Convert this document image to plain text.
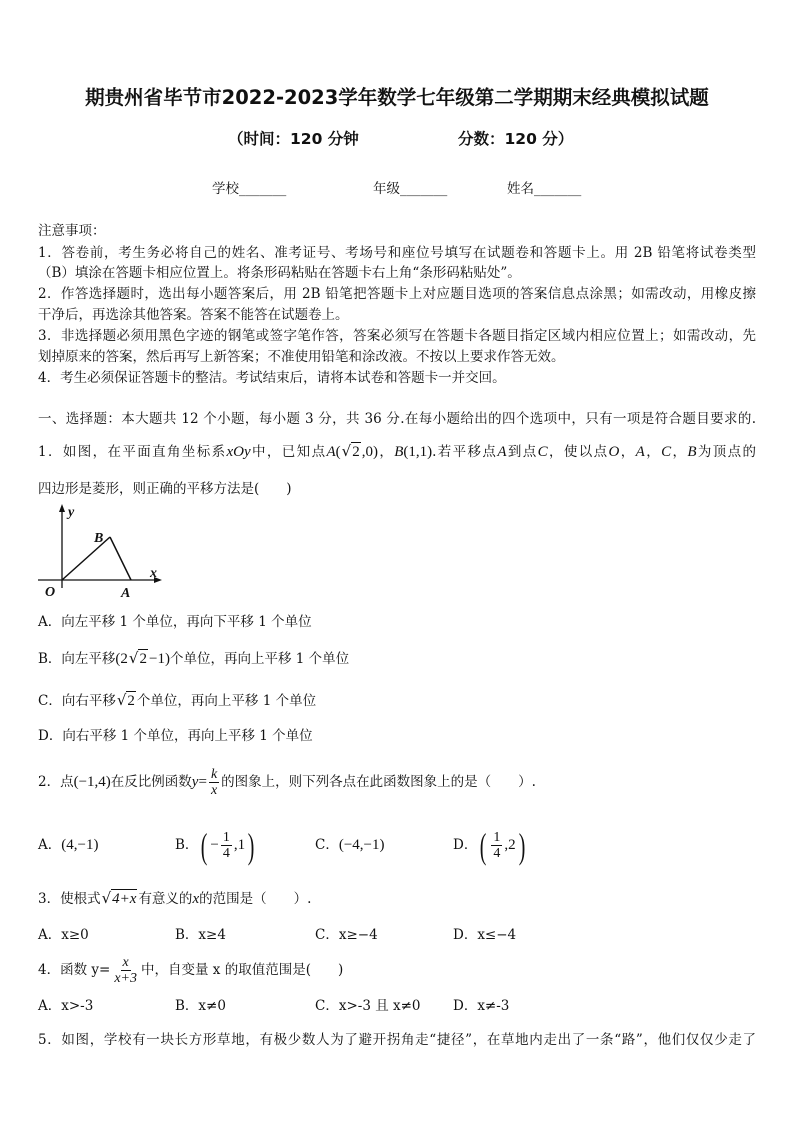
期贵州省毕节市2022-2023学年数学七年级第二学期期末经典模拟试题
（时间：120 分钟	分数：120 分）
学校_______	年级_______	姓名_______
注意事项：
1．答卷前，考生务必将自己的姓名、准考证号、考场号和座位号填写在试题卷和答题卡上。用 2B 铅笔将试卷类型
（B）填涂在答题卡相应位置上。将条形码粘贴在答题卡右上角“条形码粘贴处”。
2．作答选择题时，选出每小题答案后，用 2B 铅笔把答题卡上对应题目选项的答案信息点涂黑；如需改动，用橡皮擦
干净后，再选涂其他答案。答案不能答在试题卷上。
3．非选择题必须用黑色字迹的钢笔或签字笔作答，答案必须写在答题卡各题目指定区域内相应位置上；如需改动，先
划掉原来的答案，然后再写上新答案；不准使用铅笔和涂改液。不按以上要求作答无效。
4．考生必须保证答题卡的整洁。考试结束后，请将本试卷和答题卡一并交回。
一、选择题：本大题共 12 个小题，每小题 3 分，共 36 分.在每小题给出的四个选项中，只有一项是符合题目要求的.
1．如图，在平面直角坐标系xOy中，已知点A(√2 ,0)，B(1,1).若平移点A到点C，使以点O，A，C，B为顶点的
四边形是菱形，则正确的平移方法是(　　)
y
x
O	A
B
A．向左平移 1 个单位，再向下平移 1 个单位
B．向左平移(2√2 −1)个单位，再向上平移 1 个单位
C．向右平移√2 个单位，再向上平移 1 个单位
D．向右平移 1 个单位，再向上平移 1 个单位
2．点(−1,4)在反比例函数$y= \frac{k}{x}$ 的图象上，则下列各点在此函数图象上的是（　　）.
A．(4,−1)	B．( − $\frac{1}{4} ,1$)	C．(−4,−1)	D．( $\frac{1}{4} ,2$)
3．使根式√4+x 有意义的x的范围是（　　）.
A．x≥0	B．x≥4	C．x≥−4	D．x≤−4
4．函数 $y= \frac{x}{x+3}$ 中，自变量 x 的取值范围是(　　)
A．x>-3	B．x≠0	C．x>-3 且 x≠0 D．x≠-3
5．如图，学校有一块长方形草地，有极少数人为了避开拐角走“捷径”，在草地内走出了一条“路”，他们仅仅少走了
